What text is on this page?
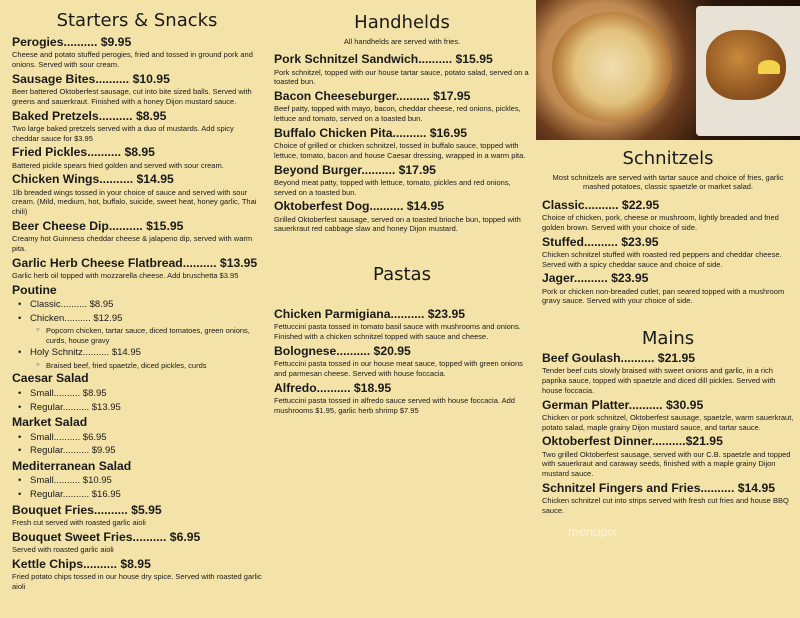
Starters & Snacks
Perogies.......... $9.95
Cheese and potato stuffed perogies, fried and tossed in ground pork and onions. Served with sour cream.
Sausage Bites.......... $10.95
Beer battered Oktoberfest sausage, cut into bite sized balls. Served with greens and sauerkraut. Finished with a honey Dijon mustard sauce.
Baked Pretzels.......... $8.95
Two large baked pretzels served with a duo of mustards. Add spicy cheddar sauce for $3.95
Fried Pickles.......... $8.95
Battered pickle spears fried golden and served with sour cream.
Chicken Wings.......... $14.95
1lb breaded wings tossed in your choice of sauce and served with sour cream. (Mild, medium, hot, buffalo, suicide, sweet heat, honey garlic, Thai chili)
Beer Cheese Dip.......... $15.95
Creamy hot Guinness cheddar cheese & jalapeno dip, served with warm pita.
Garlic Herb Cheese Flatbread.......... $13.95
Garlic herb oil topped with mozzarella cheese. Add bruschetta $3.95
Poutine
• Classic.......... $8.95
• Chicken.......... $12.95
○ Popcorn chicken, tartar sauce, diced tomatoes, green onions, curds, house gravy
• Holy Schnitz.......... $14.95
○ Braised beef, fried spaetzle, diced pickles, curds
Caesar Salad
• Small.......... $8.95
• Regular.......... $13.95
Market Salad
• Small.......... $6.95
• Regular.......... $9.95
Mediterranean Salad
• Small.......... $10.95
• Regular.......... $16.95
Bouquet Fries.......... $5.95
Fresh cut served with roasted garlic aioli
Bouquet Sweet Fries.......... $6.95
Served with roasted garlic aioli
Kettle Chips.......... $8.95
Fried potato chips tossed in our house dry spice. Served with roasted garlic aioli
Handhelds
All handhelds are served with fries.
Pork Schnitzel Sandwich.......... $15.95
Pork schnitzel, topped with our house tartar sauce, potato salad, served on a toasted bun.
Bacon Cheeseburger.......... $17.95
Beef patty, topped with mayo, bacon, cheddar cheese, red onions, pickles, lettuce and tomato, served on a toasted bun.
Buffalo Chicken Pita.......... $16.95
Choice of grilled or chicken schnitzel, tossed in buffalo sauce, topped with lettuce, tomato, bacon and house Caesar dressing, wrapped in a warm pita.
Beyond Burger.......... $17.95
Beyond meat patty, topped with lettuce, tomato, pickles and red onions, served on a toasted bun.
Oktoberfest Dog.......... $14.95
Grilled Oktoberfest sausage, served on a toasted brioche bun, topped with sauerkraut red cabbage slaw and honey Dijon mustard.
Pastas
Chicken Parmigiana.......... $23.95
Fettuccini pasta tossed in tomato basil sauce with mushrooms and onions. Finished with a chicken schnitzel topped with sauce and cheese.
Bolognese.......... $20.95
Fettuccini pasta tossed in our house meat sauce, topped with green onions and parmesan cheese. Served with house foccacia.
Alfredo.......... $18.95
Fettuccini pasta tossed in alfredo sauce served with house foccacia. Add mushrooms $1.95, garlic herb shrimp $7.95
Schnitzels
Most schnitzels are served with tartar sauce and choice of fries, garlic mashed potatoes, classic spaetzle or market salad.
Classic.......... $22.95
Choice of chicken, pork, cheese or mushroom, lightly breaded and fried golden brown. Served with your choice of side.
Stuffed.......... $23.95
Chicken schnitzel stuffed with roasted red peppers and cheddar cheese. Served with a spicy cheddar sauce and choice of side.
Jager.......... $23.95
Pork or chicken non-breaded cutlet, pan seared topped with a mushroom gravy sauce. Served with your choice of side.
Mains
Beef Goulash.......... $21.95
Tender beef cuts slowly braised with sweet onions and garlic, in a rich paprika sauce, topped with spaetzle and diced dill pickles. Served with house foccacia.
German Platter.......... $30.95
Chicken or pork schnitzel, Oktoberfest sausage, spaetzle, warm sauerkraut, potato salad, maple grainy Dijon mustard sauce, and tartar sauce.
Oktoberfest Dinner..........$21.95
Two grilled Oktoberfest sausage, served with our C.B. spaetzle and topped with sauerkraut and caraway seeds, finished with a maple grainy Dijon mustard sauce.
Schnitzel Fingers and Fries.......... $14.95
Chicken schnitzel cut into strips served with fresh cut fries and house BBQ sauce.
menupix
